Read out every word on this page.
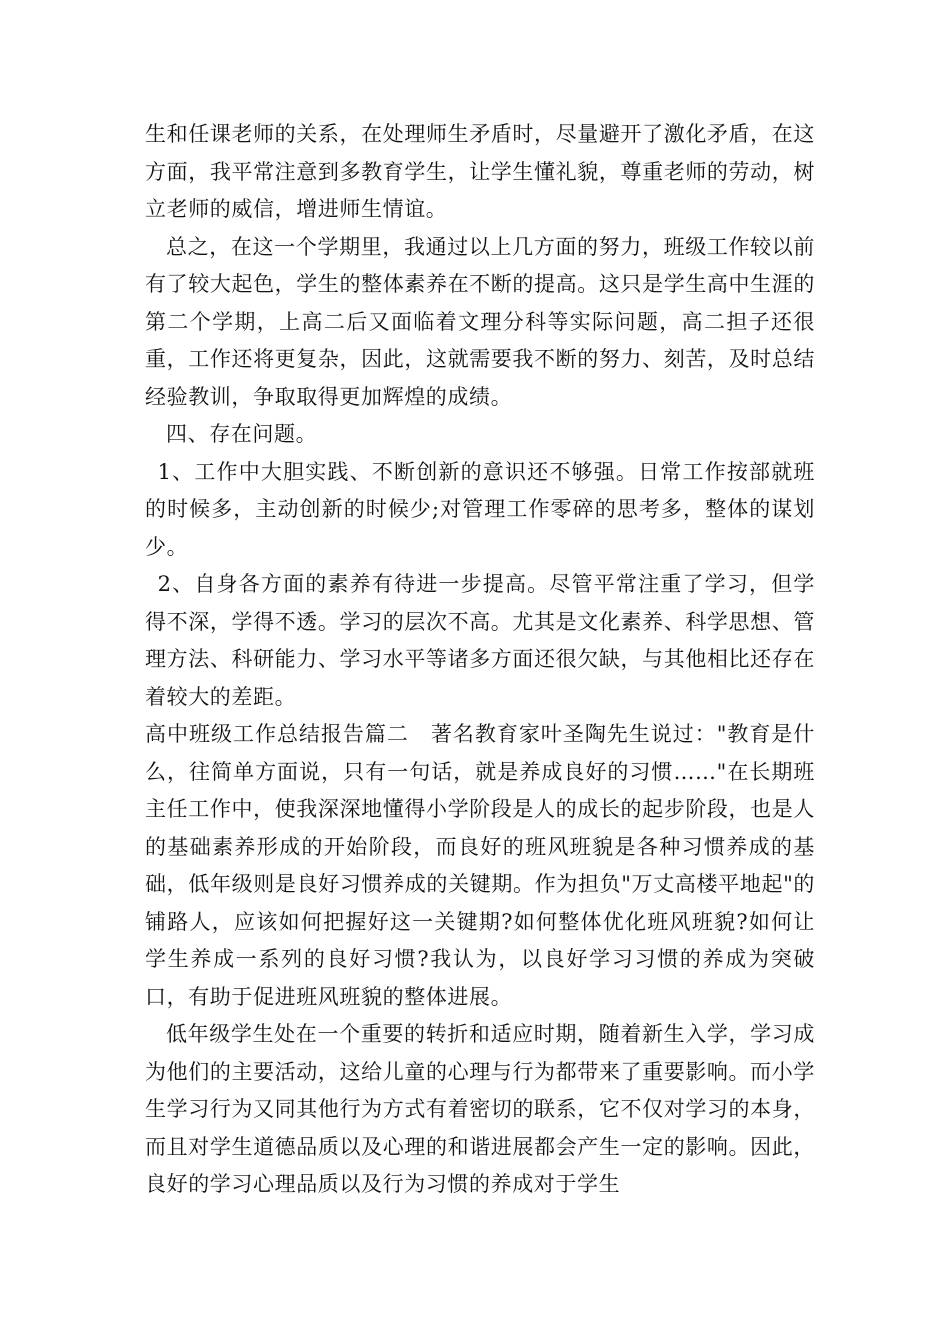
生和任课老师的关系，在处理师生矛盾时，尽量避开了激化矛盾，在这方面，我平常注意到多教育学生，让学生懂礼貌，尊重老师的劳动，树立老师的威信，增进师生情谊。

总之，在这一个学期里，我通过以上几方面的努力，班级工作较以前有了较大起色，学生的整体素养在不断的提高。这只是学生高中生涯的第二个学期，上高二后又面临着文理分科等实际问题，高二担子还很重，工作还将更复杂，因此，这就需要我不断的努力、刻苦，及时总结经验教训，争取取得更加辉煌的成绩。

四、存在问题。

1、工作中大胆实践、不断创新的意识还不够强。日常工作按部就班的时候多，主动创新的时候少;对管理工作零碎的思考多，整体的谋划少。

2、自身各方面的素养有待进一步提高。尽管平常注重了学习，但学得不深，学得不透。学习的层次不高。尤其是文化素养、科学思想、管理方法、科研能力、学习水平等诸多方面还很欠缺，与其他相比还存在着较大的差距。

高中班级工作总结报告篇二　著名教育家叶圣陶先生说过："教育是什么，往简单方面说，只有一句话，就是养成良好的习惯……"在长期班主任工作中，使我深深地懂得小学阶段是人的成长的起步阶段，也是人的基础素养形成的开始阶段，而良好的班风班貌是各种习惯养成的基础，低年级则是良好习惯养成的关键期。作为担负"万丈高楼平地起"的铺路人，应该如何把握好这一关键期?如何整体优化班风班貌?如何让学生养成一系列的良好习惯?我认为，以良好学习习惯的养成为突破口，有助于促进班风班貌的整体进展。

低年级学生处在一个重要的转折和适应时期，随着新生入学，学习成为他们的主要活动，这给儿童的心理与行为都带来了重要影响。而小学生学习行为又同其他行为方式有着密切的联系，它不仅对学习的本身，而且对学生道德品质以及心理的和谐进展都会产生一定的影响。因此，良好的学习心理品质以及行为习惯的养成对于学生
